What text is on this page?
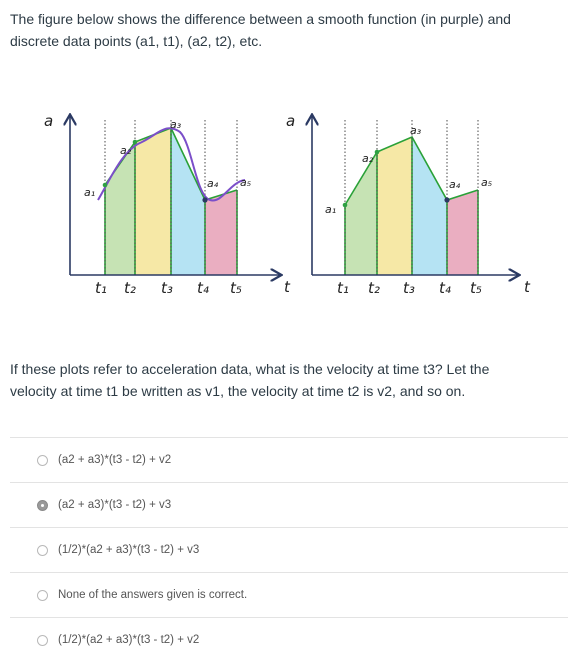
The figure below shows the difference between a smooth function (in purple) and
discrete data points (a1, t1), (a2, t2), etc.

a
t
a₁
a₂
a₃
a₄ a₅
t₁ t₂ t₃ t₄ t₅
a
t
a₁
a₂
a₃
a₄ a₅
t₁ t₂ t₃ t₄ t₅

If these plots refer to acceleration data, what is the velocity at time t3? Let the
velocity at time t1 be written as v1, the velocity at time t2 is v2, and so on.

(a2 + a3)*(t3 - t2) + v2
(a2 + a3)*(t3 - t2) + v3
(1/2)*(a2 + a3)*(t3 - t2) + v3
None of the answers given is correct.
(1/2)*(a2 + a3)*(t3 - t2) + v2
